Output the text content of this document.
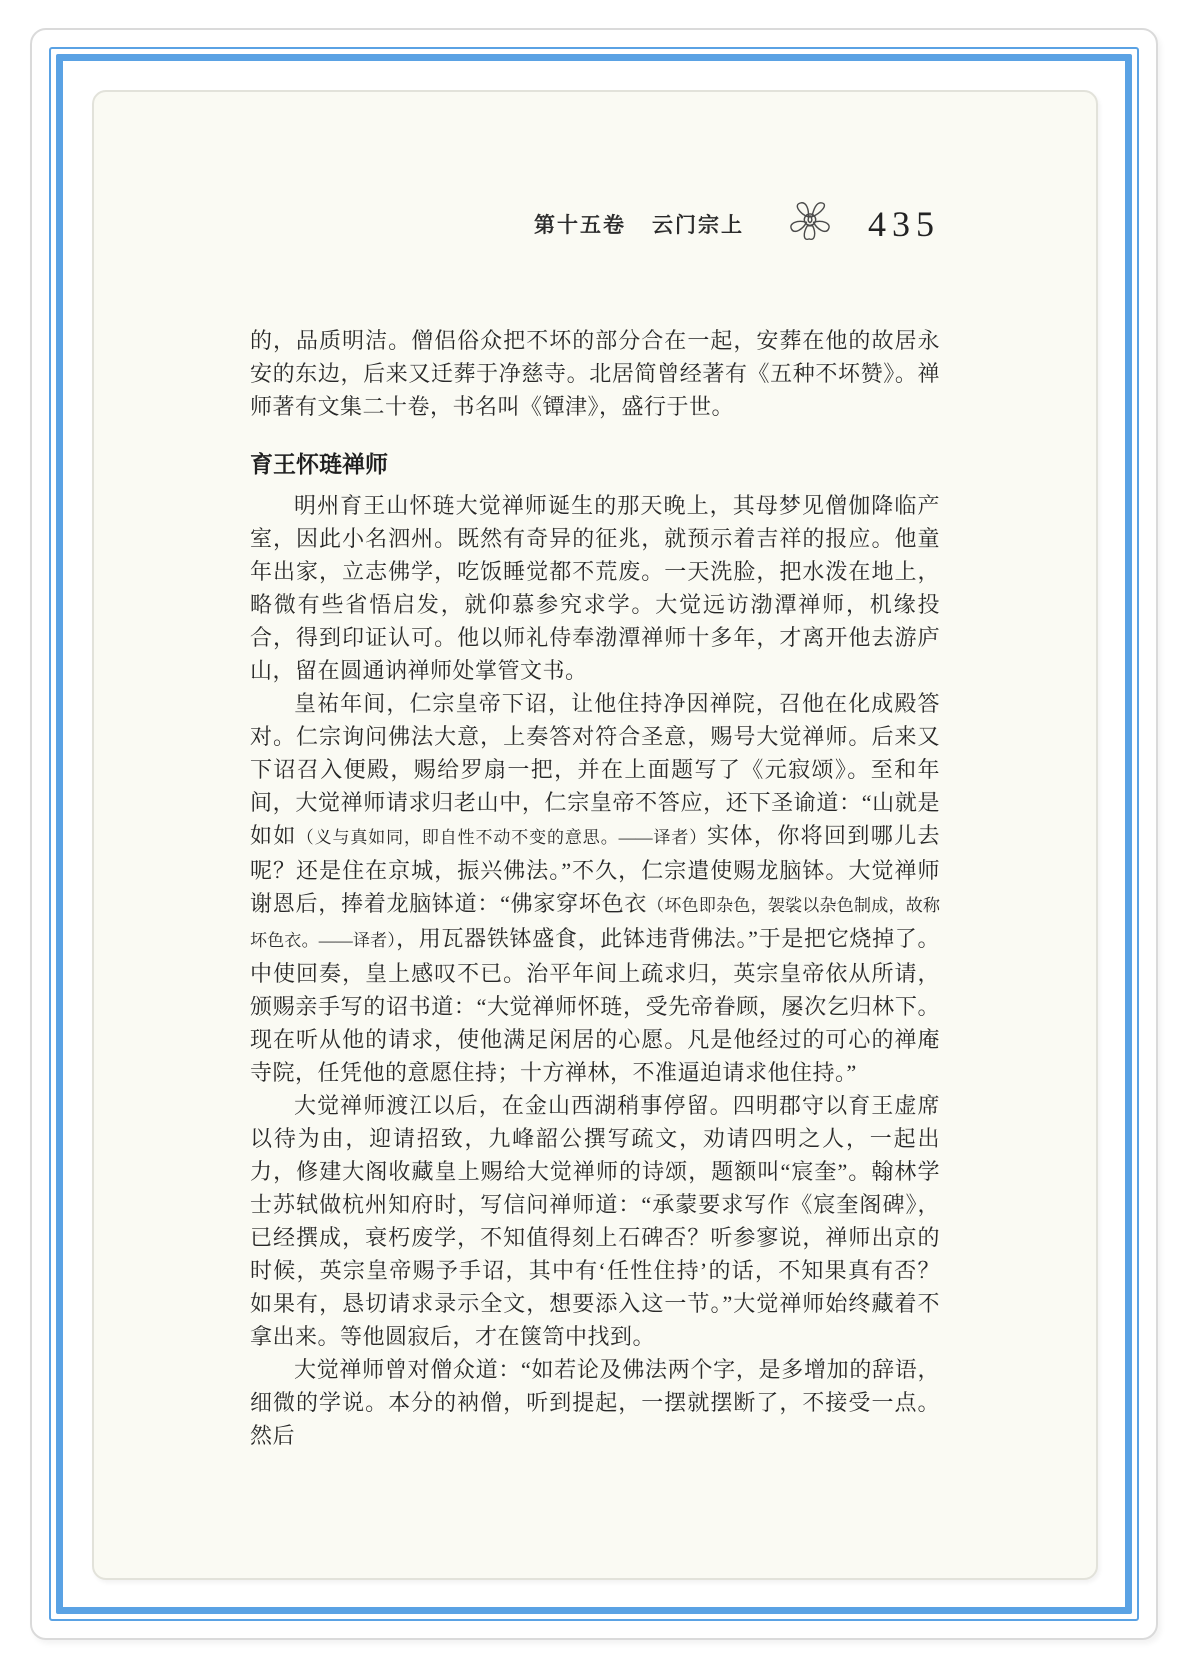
第十五卷 云门宗上	435

的，品质明洁。僧侣俗众把不坏的部分合在一起，安葬在他的故居永安的东边，后来又迁葬于净慈寺。北居简曾经著有《五种不坏赞》。禅师著有文集二十卷，书名叫《镡津》，盛行于世。

育王怀琏禅师

明州育王山怀琏大觉禅师诞生的那天晚上，其母梦见僧伽降临产室，因此小名泗州。既然有奇异的征兆，就预示着吉祥的报应。他童年出家，立志佛学，吃饭睡觉都不荒废。一天洗脸，把水泼在地上，略微有些省悟启发，就仰慕参究求学。大觉远访渤潭禅师，机缘投合，得到印证认可。他以师礼侍奉渤潭禅师十多年，才离开他去游庐山，留在圆通讷禅师处掌管文书。

皇祐年间，仁宗皇帝下诏，让他住持净因禅院，召他在化成殿答对。仁宗询问佛法大意，上奏答对符合圣意，赐号大觉禅师。后来又下诏召入便殿，赐给罗扇一把，并在上面题写了《元寂颂》。至和年间，大觉禅师请求归老山中，仁宗皇帝不答应，还下圣谕道：“山就是如如（义与真如同，即自性不动不变的意思。——译者）实体，你将回到哪儿去呢？还是住在京城，振兴佛法。”不久，仁宗遣使赐龙脑钵。大觉禅师谢恩后，捧着龙脑钵道：“佛家穿坏色衣（坏色即杂色，袈裟以杂色制成，故称坏色衣。——译者），用瓦器铁钵盛食，此钵违背佛法。”于是把它烧掉了。中使回奏，皇上感叹不已。治平年间上疏求归，英宗皇帝依从所请，颁赐亲手写的诏书道：“大觉禅师怀琏，受先帝眷顾，屡次乞归林下。现在听从他的请求，使他满足闲居的心愿。凡是他经过的可心的禅庵寺院，任凭他的意愿住持；十方禅林，不准逼迫请求他住持。”

大觉禅师渡江以后，在金山西湖稍事停留。四明郡守以育王虚席以待为由，迎请招致，九峰韶公撰写疏文，劝请四明之人，一起出力，修建大阁收藏皇上赐给大觉禅师的诗颂，题额叫“宸奎”。翰林学士苏轼做杭州知府时，写信问禅师道：“承蒙要求写作《宸奎阁碑》，已经撰成，衰朽废学，不知值得刻上石碑否？听参寥说，禅师出京的时候，英宗皇帝赐予手诏，其中有‘任性住持’的话，不知果真有否？如果有，恳切请求录示全文，想要添入这一节。”大觉禅师始终藏着不拿出来。等他圆寂后，才在箧笥中找到。

大觉禅师曾对僧众道：“如若论及佛法两个字，是多增加的辞语，细微的学说。本分的衲僧，听到提起，一摆就摆断了，不接受一点。然后
